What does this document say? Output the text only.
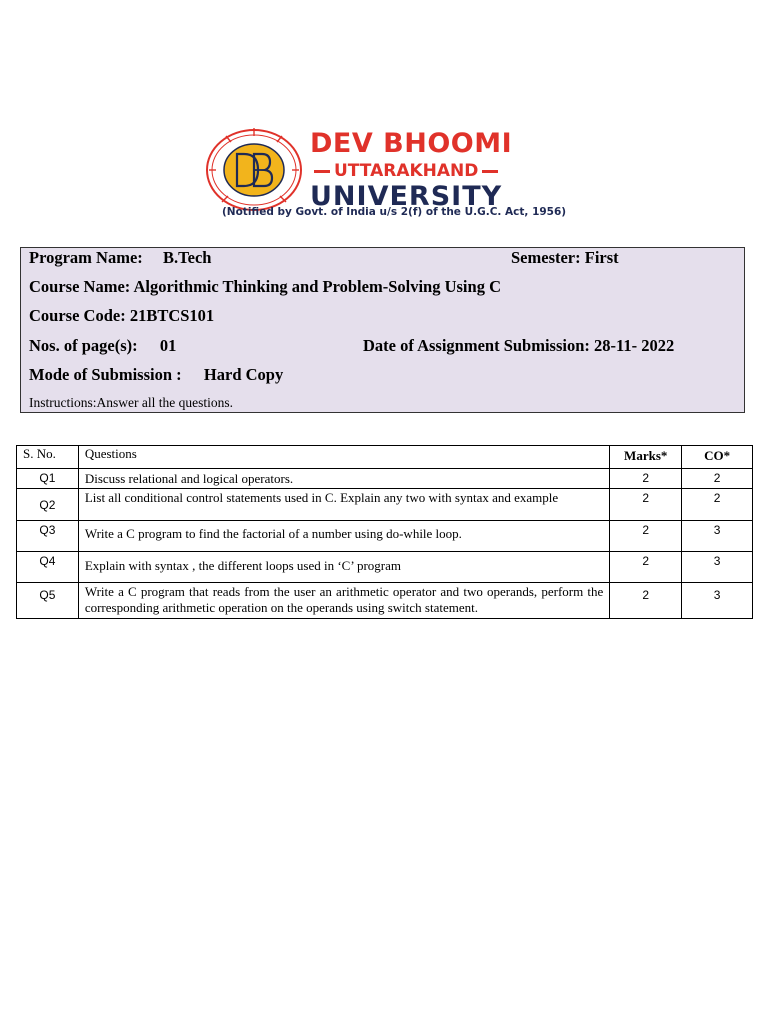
DEV BHOOMI
UTTARAKHAND
UNIVERSITY
(Notified by Govt. of India u/s 2(f) of the U.G.C. Act, 1956)
Program Name: B.Tech	Semester: First
Course Name: Algorithmic Thinking and Problem-Solving Using C
Course Code: 21BTCS101
Nos. of page(s): 01	Date of Assignment Submission: 28-11- 2022
Mode of Submission : Hard Copy
Instructions:Answer all the questions.
S. No.	Questions	Marks*	CO*
Q1	Discuss relational and logical operators.	2	2
Q2	List all conditional control statements used in C. Explain any two with syntax and example	2	2
Q3	Write a C program to find the factorial of a number using do-while loop.	2	3
Q4	Explain with syntax , the different loops used in ‘C’ program	2	3
Q5	Write a C program that reads from the user an arithmetic operator and two operands, perform the corresponding arithmetic operation on the operands using switch statement.	2	3
